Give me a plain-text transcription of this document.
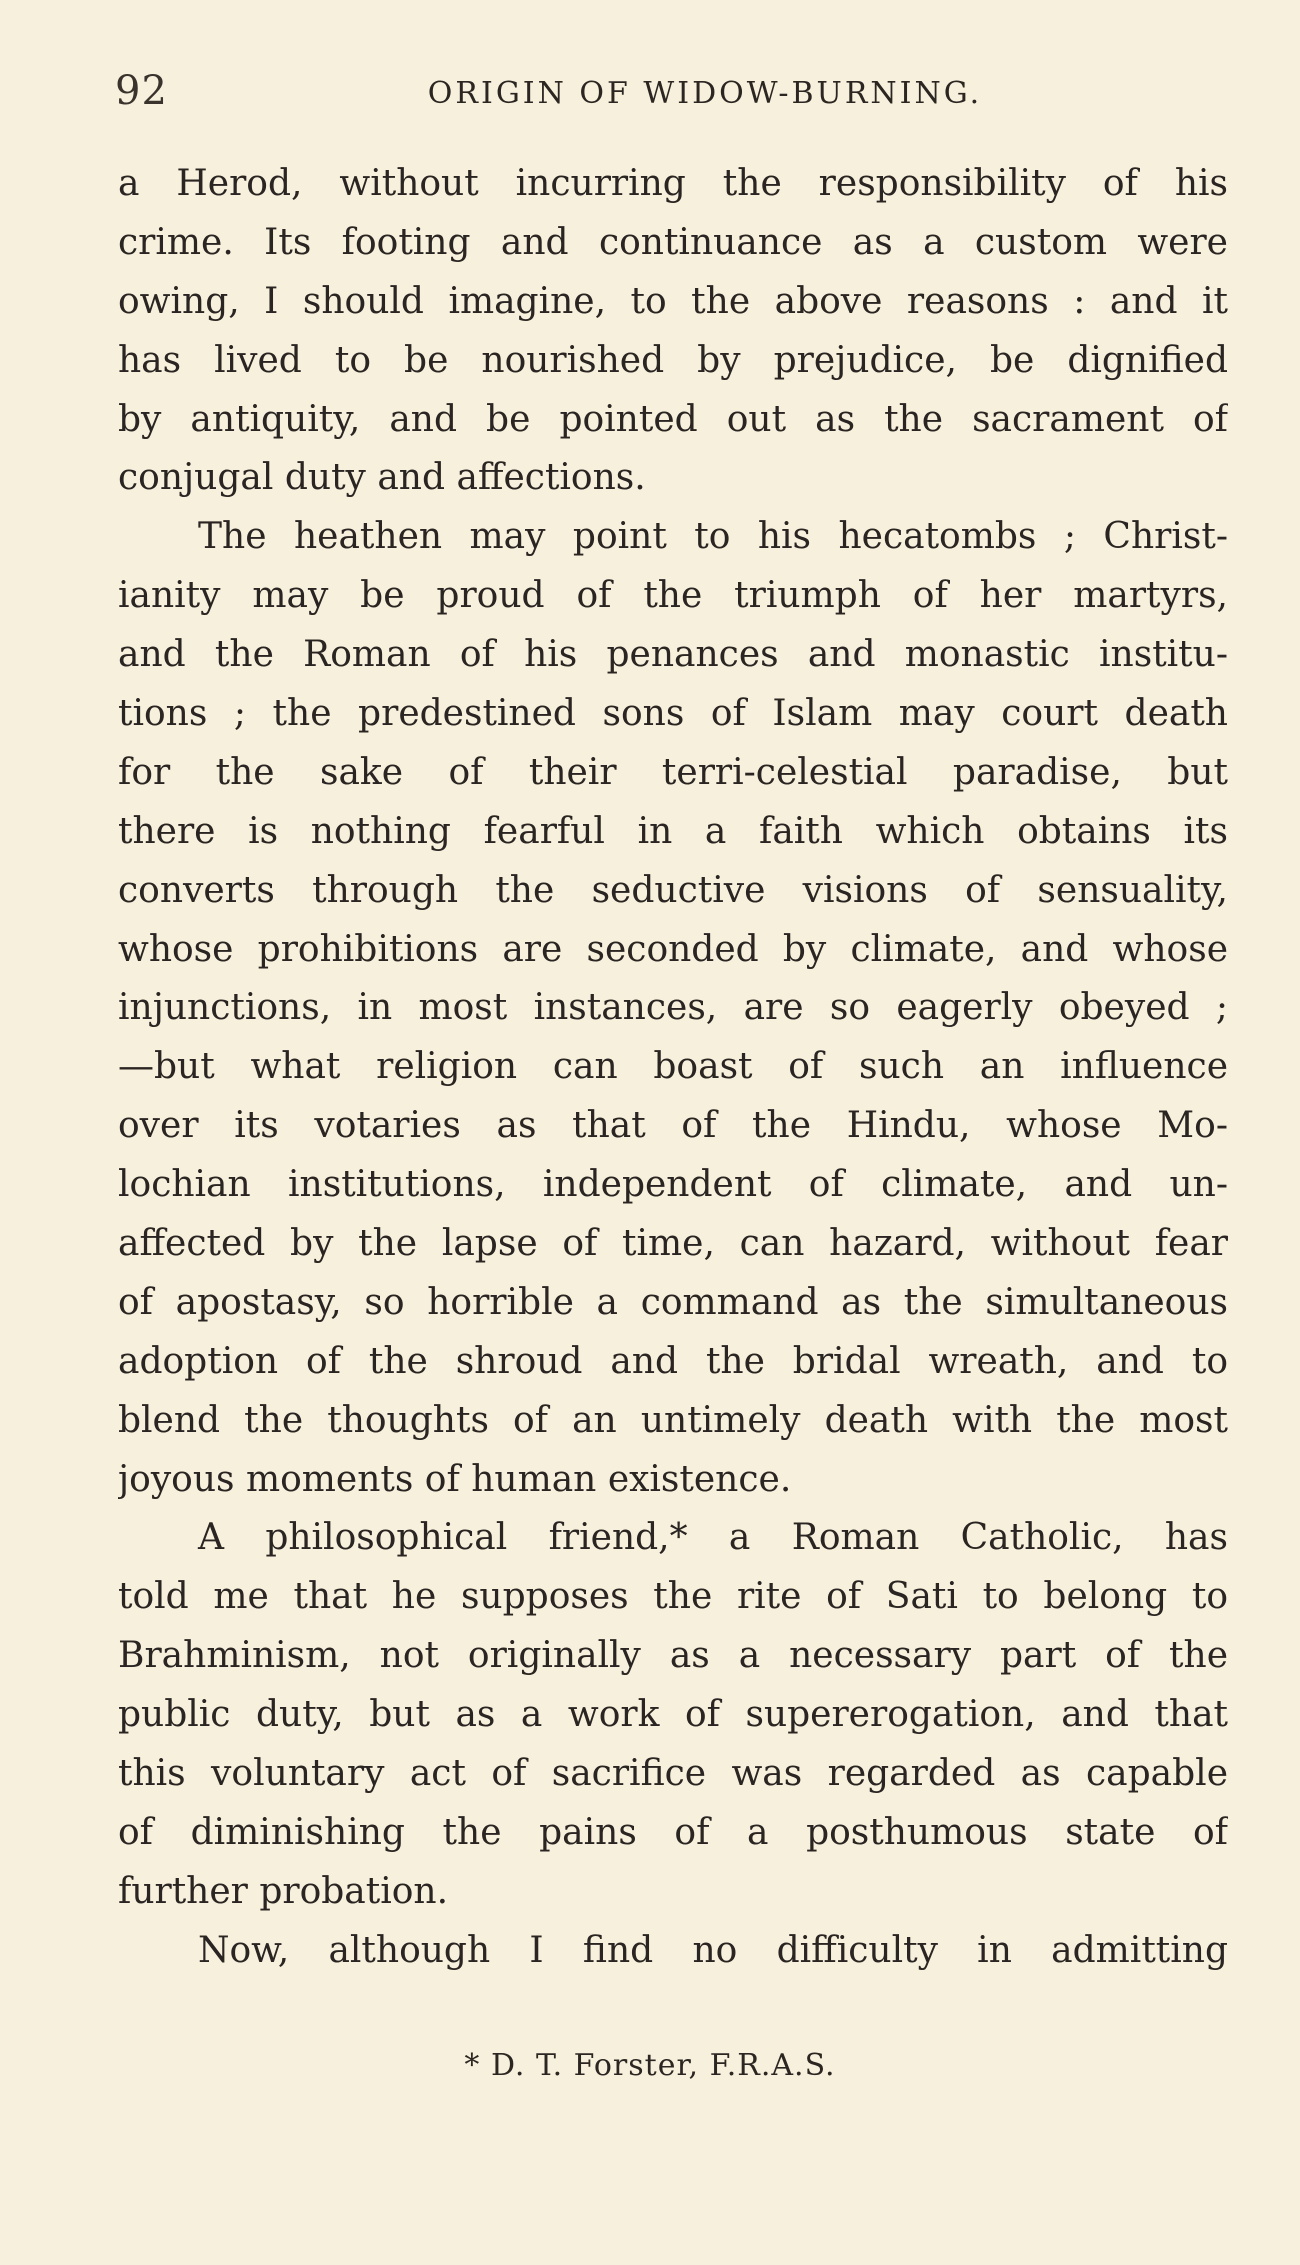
92	ORIGIN OF WIDOW-BURNING.
a Herod, without incurring the responsibility of his
crime. Its footing and continuance as a custom were
owing, I should imagine, to the above reasons : and it
has lived to be nourished by prejudice, be dignified
by antiquity, and be pointed out as the sacrament of
conjugal duty and affections.
The heathen may point to his hecatombs ; Christ-
ianity may be proud of the triumph of her martyrs,
and the Roman of his penances and monastic institu-
tions ; the predestined sons of Islam may court death
for the sake of their terri-celestial paradise, but
there is nothing fearful in a faith which obtains its
converts through the seductive visions of sensuality,
whose prohibitions are seconded by climate, and whose
injunctions, in most instances, are so eagerly obeyed ;
—but what religion can boast of such an influence
over its votaries as that of the Hindu, whose Mo-
lochian institutions, independent of climate, and un-
affected by the lapse of time, can hazard, without fear
of apostasy, so horrible a command as the simultaneous
adoption of the shroud and the bridal wreath, and to
blend the thoughts of an untimely death with the most
joyous moments of human existence.
A philosophical friend,* a Roman Catholic, has
told me that he supposes the rite of Sati to belong to
Brahminism, not originally as a necessary part of the
public duty, but as a work of supererogation, and that
this voluntary act of sacrifice was regarded as capable
of diminishing the pains of a posthumous state of
further probation.
Now, although I find no difficulty in admitting
* D. T. Forster, F.R.A.S.
